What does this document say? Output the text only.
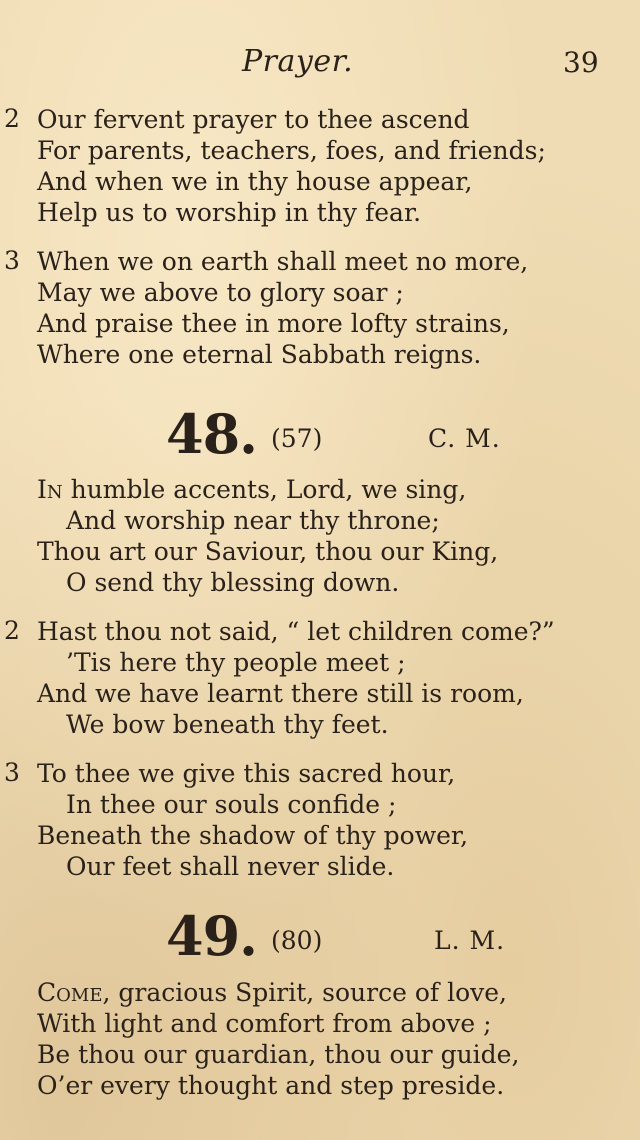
Prayer.	39
2 Our fervent prayer to thee ascend
For parents, teachers, foes, and friends;
And when we in thy house appear,
Help us to worship in thy fear.
3 When we on earth shall meet no more,
May we above to glory soar ;
And praise thee in more lofty strains,
Where one eternal Sabbath reigns.
48. (57)	C. M.
In humble accents, Lord, we sing,
And worship near thy throne;
Thou art our Saviour, thou our King,
O send thy blessing down.
2 Hast thou not said, “ let children come?”
’Tis here thy people meet ;
And we have learnt there still is room,
We bow beneath thy feet.
3 To thee we give this sacred hour,
In thee our souls confide ;
Beneath the shadow of thy power,
Our feet shall never slide.
49. (80)	L. M.
Come, gracious Spirit, source of love,
With light and comfort from above ;
Be thou our guardian, thou our guide,
O’er every thought and step preside.
